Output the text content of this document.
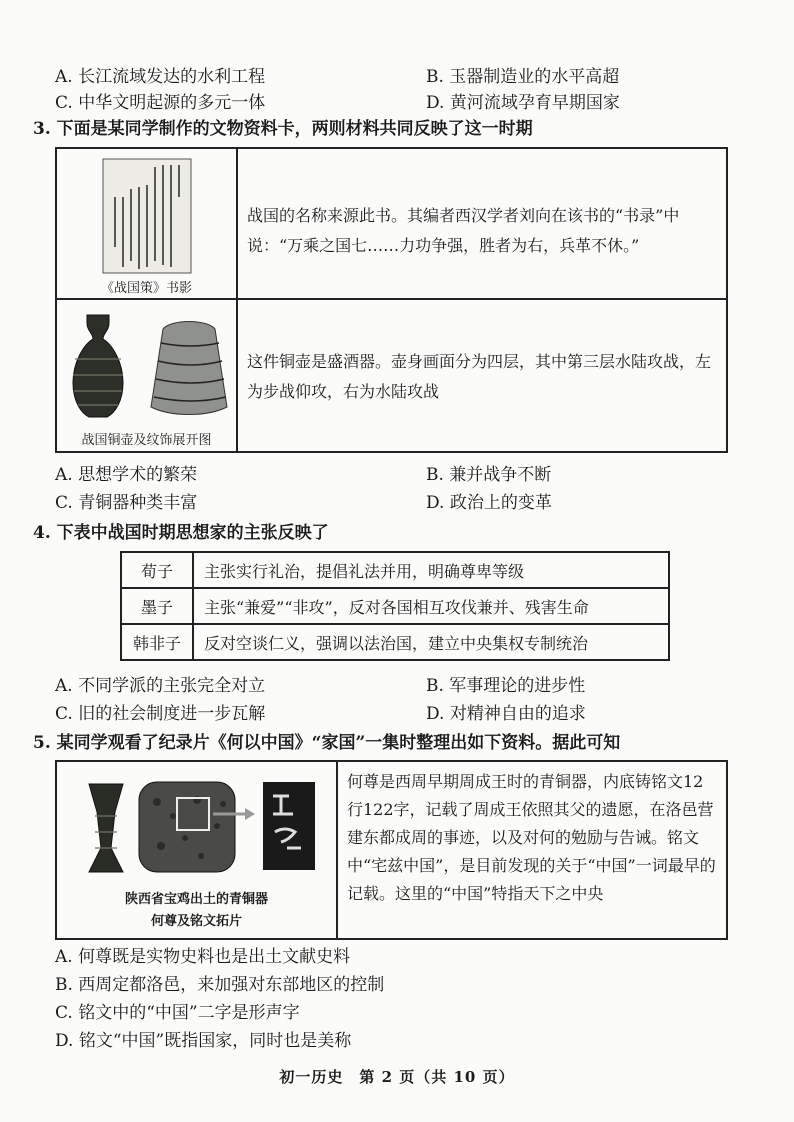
A. 长江流域发达的水利工程	B. 玉器制造业的水平高超
C. 中华文明起源的多元一体	D. 黄河流域孕育早期国家
3. 下面是某同学制作的文物资料卡，两则材料共同反映了这一时期
《战国策》书影
战国的名称来源此书。其编者西汉学者刘向在该书的“书录”中说：“万乘之国七……力功争强，胜者为右，兵革不休。”
战国铜壶及纹饰展开图
这件铜壶是盛酒器。壶身画面分为四层，其中第三层水陆攻战，左为步战仰攻，右为水陆攻战
A. 思想学术的繁荣	B. 兼并战争不断
C. 青铜器种类丰富	D. 政治上的变革
4. 下表中战国时期思想家的主张反映了
荀子	主张实行礼治，提倡礼法并用，明确尊卑等级
墨子	主张“兼爱”“非攻”，反对各国相互攻伐兼并、残害生命
韩非子	反对空谈仁义，强调以法治国，建立中央集权专制统治
A. 不同学派的主张完全对立	B. 军事理论的进步性
C. 旧的社会制度进一步瓦解	D. 对精神自由的追求
5. 某同学观看了纪录片《何以中国》“家国”一集时整理出如下资料。据此可知
陕西省宝鸡出土的青铜器
何尊及铭文拓片
何尊是西周早期周成王时的青铜器，内底铸铭文12行122字，记载了周成王依照其父的遗愿，在洛邑营建东都成周的事迹，以及对何的勉励与告诫。铭文中“宅兹中国”，是目前发现的关于“中国”一词最早的记载。这里的“中国”特指天下之中央
A. 何尊既是实物史料也是出土文献史料
B. 西周定都洛邑，来加强对东部地区的控制
C. 铭文中的“中国”二字是形声字
D. 铭文“中国”既指国家，同时也是美称
初一历史　第 2 页（共 10 页）
